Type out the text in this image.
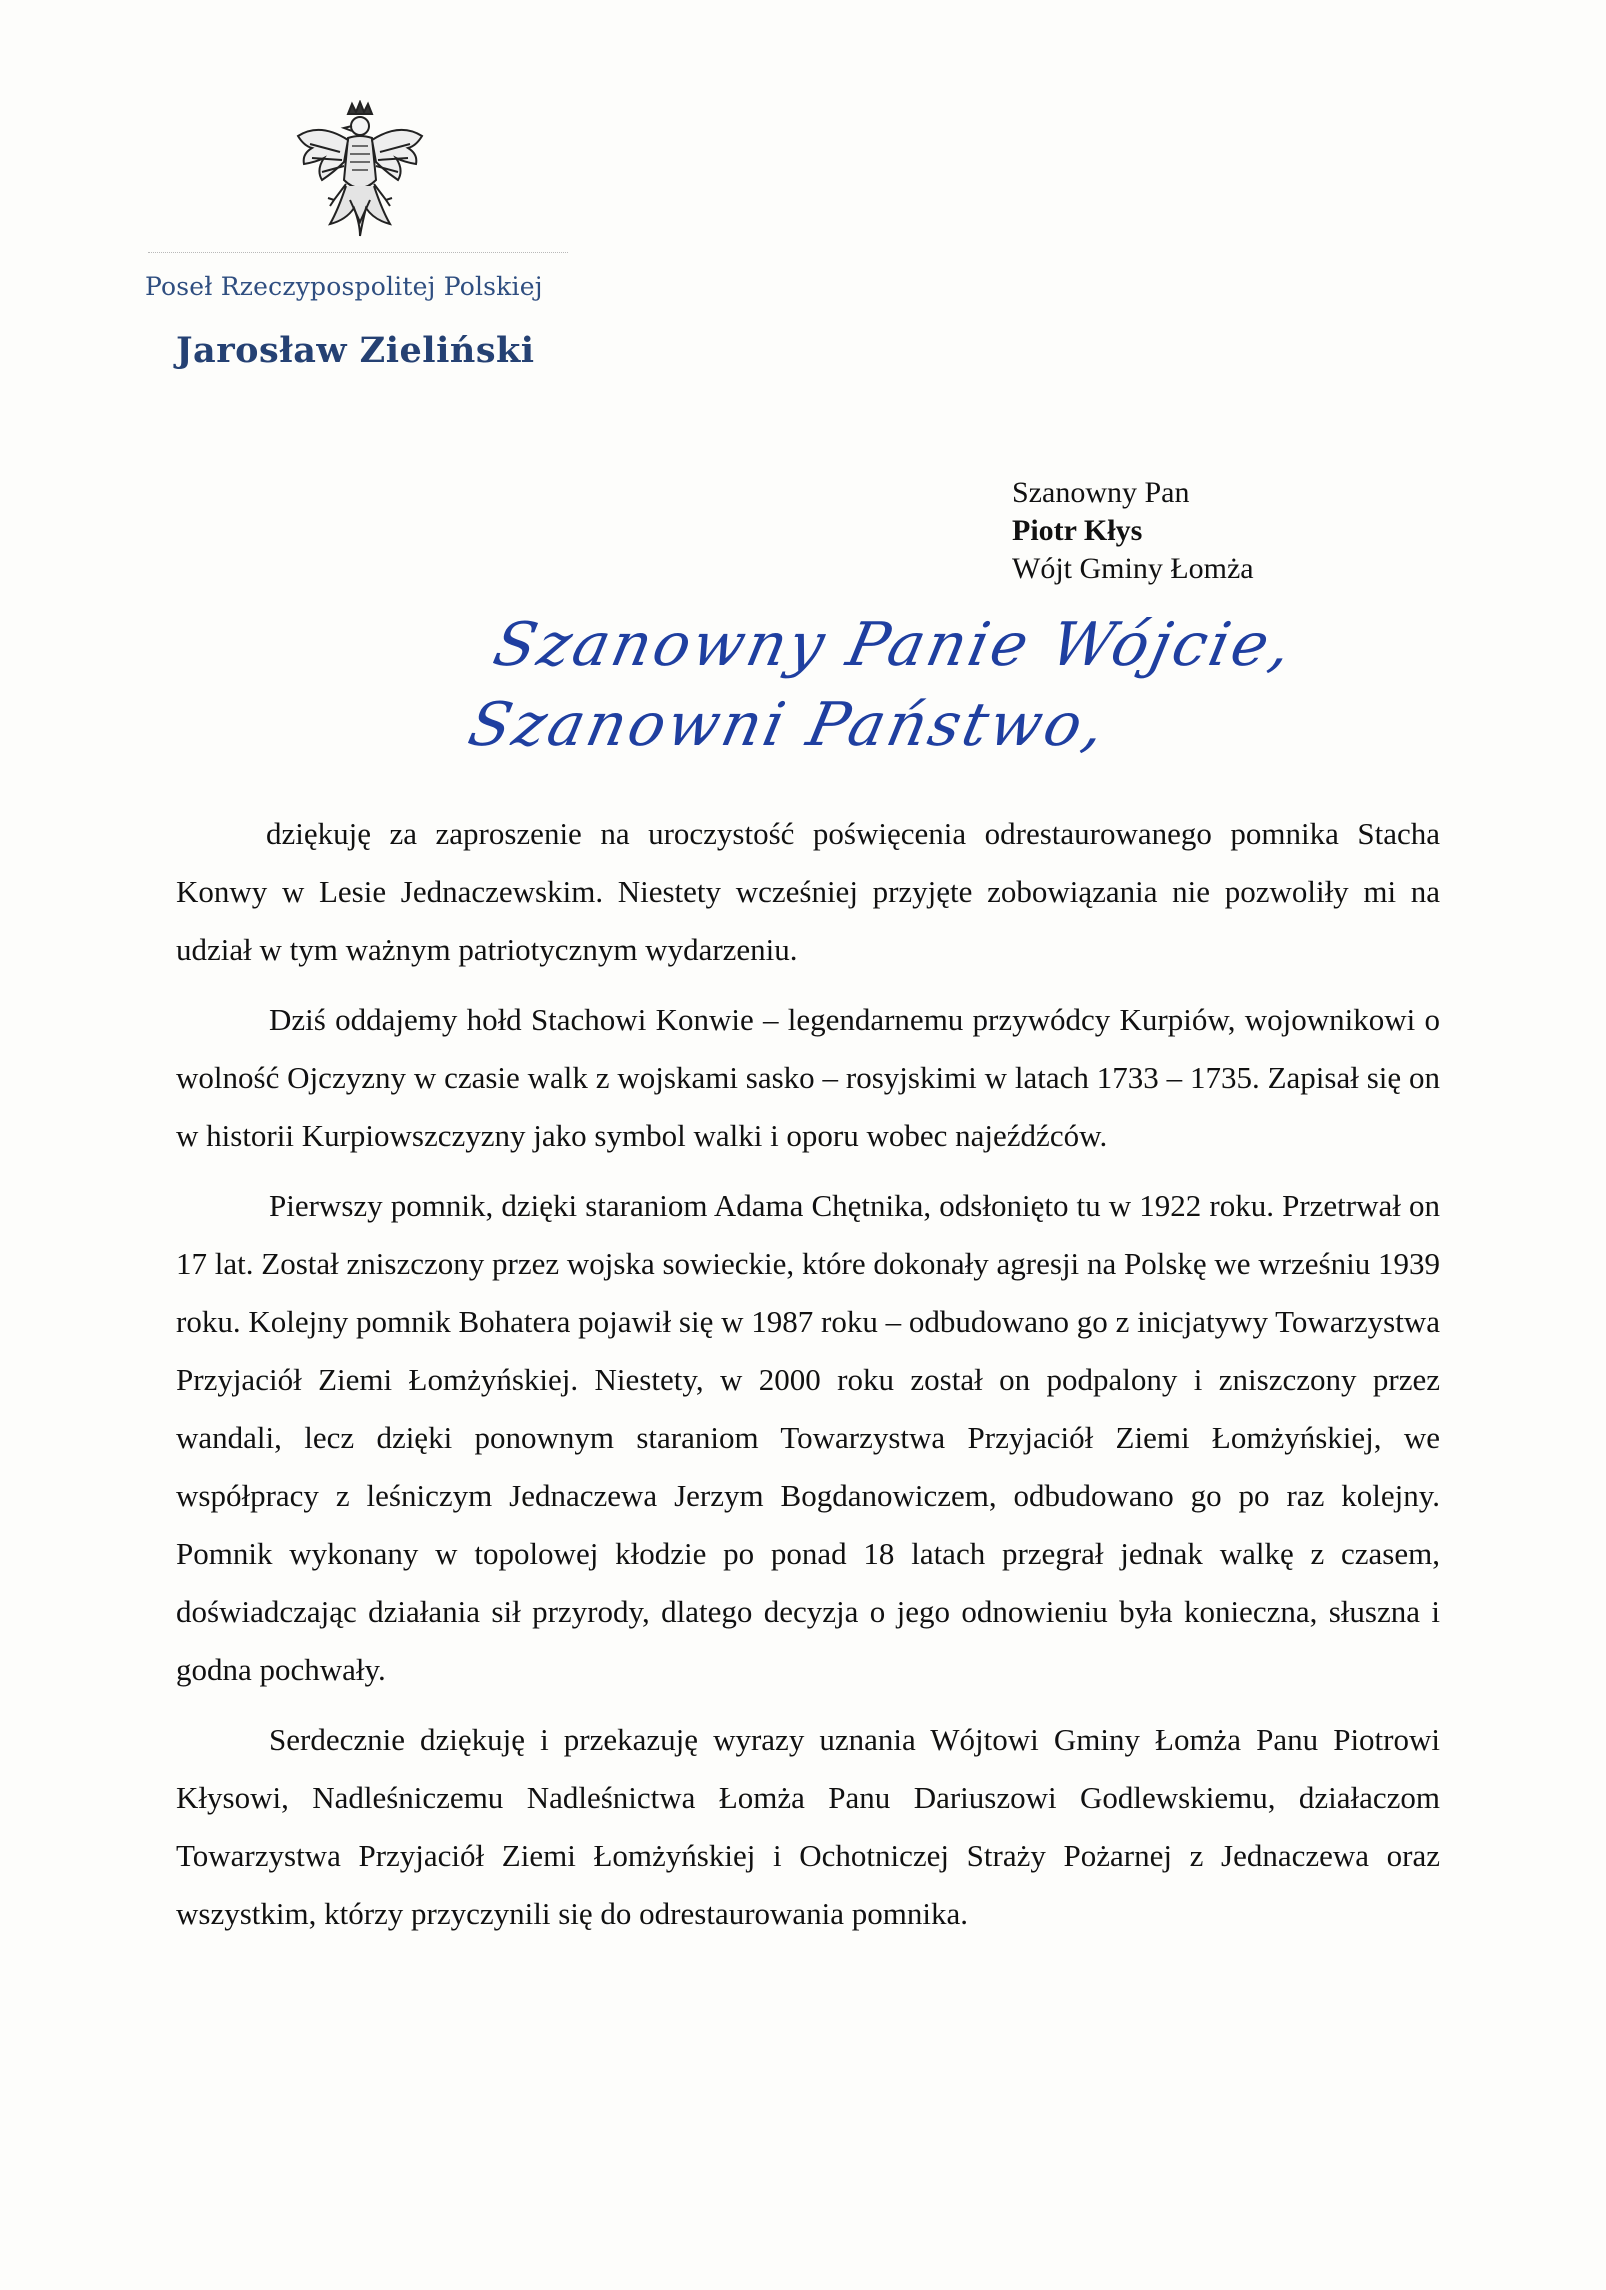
Poseł Rzeczypospolitej Polskiej
Jarosław Zieliński
Szanowny Pan
Piotr Kłys
Wójt Gminy Łomża
Szanowny Panie Wójcie,
Szanowni Państwo,

dziękuję za zaproszenie na uroczystość poświęcenia odrestaurowanego pomnika Stacha Konwy w Lesie Jednaczewskim. Niestety wcześniej przyjęte zobowiązania nie pozwoliły mi na udział w tym ważnym patriotycznym wydarzeniu.

Dziś oddajemy hołd Stachowi Konwie – legendarnemu przywódcy Kurpiów, wojownikowi o wolność Ojczyzny w czasie walk z wojskami sasko – rosyjskimi w latach 1733 – 1735. Zapisał się on w historii Kurpiowszczyzny jako symbol walki i oporu wobec najeźdźców.

Pierwszy pomnik, dzięki staraniom Adama Chętnika, odsłonięto tu w 1922 roku. Przetrwał on 17 lat. Został zniszczony przez wojska sowieckie, które dokonały agresji na Polskę we wrześniu 1939 roku. Kolejny pomnik Bohatera pojawił się w 1987 roku – odbudowano go z inicjatywy Towarzystwa Przyjaciół Ziemi Łomżyńskiej. Niestety, w 2000 roku został on podpalony i zniszczony przez wandali, lecz dzięki ponownym staraniom Towarzystwa Przyjaciół Ziemi Łomżyńskiej, we współpracy z leśniczym Jednaczewa Jerzym Bogdanowiczem, odbudowano go po raz kolejny. Pomnik wykonany w topolowej kłodzie po ponad 18 latach przegrał jednak walkę z czasem, doświadczając działania sił przyrody, dlatego decyzja o jego odnowieniu była konieczna, słuszna i godna pochwały.

Serdecznie dziękuję i przekazuję wyrazy uznania Wójtowi Gminy Łomża Panu Piotrowi Kłysowi, Nadleśniczemu Nadleśnictwa Łomża Panu Dariuszowi Godlewskiemu, działaczom Towarzystwa Przyjaciół Ziemi Łomżyńskiej i Ochotniczej Straży Pożarnej z Jednaczewa oraz wszystkim, którzy przyczynili się do odrestaurowania pomnika.
